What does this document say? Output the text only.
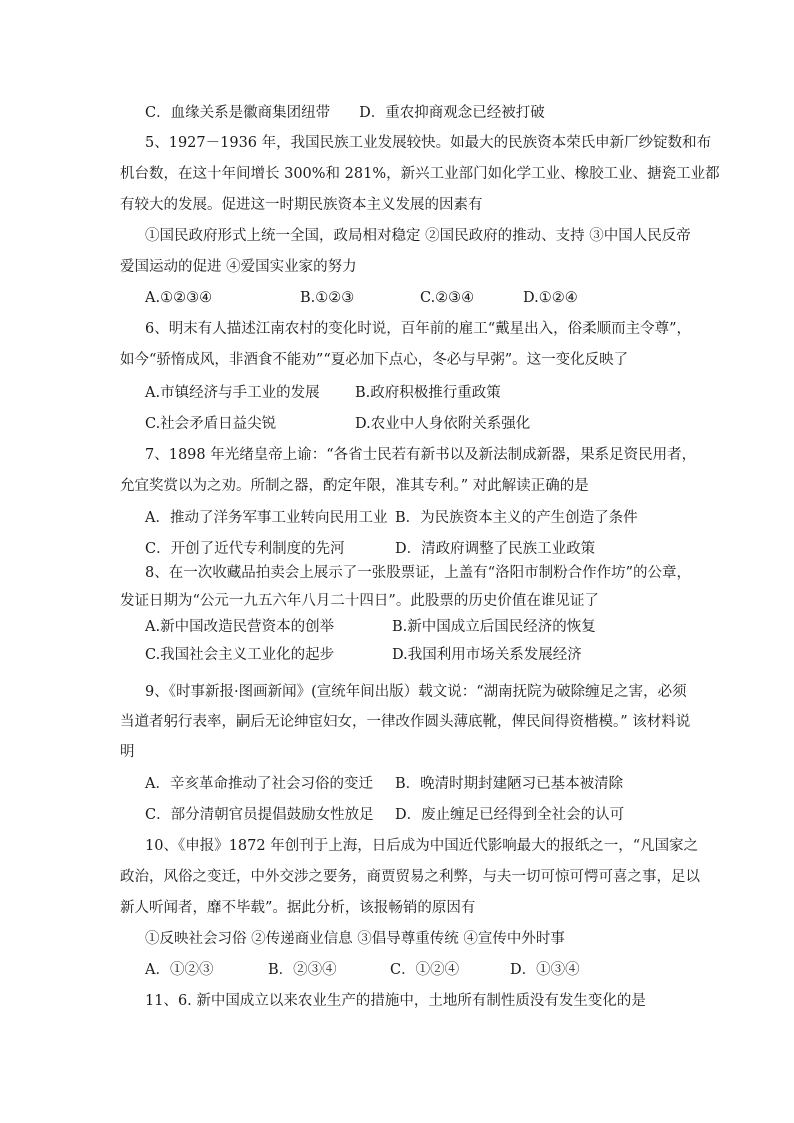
C．血缘关系是徽商集团纽带　　D．重农抑商观念已经被打破
5、1927－1936 年，我国民族工业发展较快。如最大的民族资本荣氏申新厂纱锭数和布
机台数，在这十年间增长 300%和 281%，新兴工业部门如化学工业、橡胶工业、搪瓷工业都
有较大的发展。促进这一时期民族资本主义发展的因素有
①国民政府形式上统一全国，政局相对稳定 ②国民政府的推动、支持 ③中国人民反帝
爱国运动的促进 ④爱国实业家的努力
A.①②③④	B.①②③	C.②③④	D.①②④
6、明末有人描述江南农村的变化时说，百年前的雇工“戴星出入，俗柔顺而主令尊”，
如今“骄惰成风，非酒食不能劝”“夏必加下点心，冬必与早粥”。这一变化反映了
A.市镇经济与手工业的发展 B.政府积极推行重政策
C.社会矛盾日益尖锐	D.农业中人身依附关系强化
7、1898 年光绪皇帝上谕：“各省士民若有新书以及新法制成新器，果系足资民用者，
允宜奖赏以为之劝。所制之器，酌定年限，准其专利。” 对此解读正确的是
A．推动了洋务军事工业转向民用工业 B．为民族资本主义的产生创造了条件
C．开创了近代专利制度的先河	D．清政府调整了民族工业政策
8、在一次收藏品拍卖会上展示了一张股票证，上盖有“洛阳市制粉合作作坊”的公章，
发证日期为“公元一九五六年八月二十四日”。此股票的历史价值在谁见证了
A.新中国改造民营资本的创举	B.新中国成立后国民经济的恢复
C.我国社会主义工业化的起步	D.我国利用市场关系发展经济
9、《时事新报·图画新闻》(宣统年间出版）载文说：“湖南抚院为破除缠足之害，必须
当道者躬行表率，嗣后无论绅宦妇女，一律改作圆头薄底靴，俾民间得资楷模。” 该材料说
明
A．辛亥革命推动了社会习俗的变迁 B．晚清时期封建陋习已基本被清除
C．部分清朝官员提倡鼓励女性放足 D．废止缠足已经得到全社会的认可
10、《申报》1872 年创刊于上海，日后成为中国近代影响最大的报纸之一，“凡国家之
政治，风俗之变迁，中外交涉之要务，商贾贸易之利弊，与夫一切可惊可愕可喜之事，足以
新人听闻者，靡不毕载”。据此分析，该报畅销的原因有
①反映社会习俗 ②传递商业信息 ③倡导尊重传统 ④宣传中外时事
A．①②③	B．②③④	C．①②④	D．①③④
11、6. 新中国成立以来农业生产的措施中，土地所有制性质没有发生变化的是
